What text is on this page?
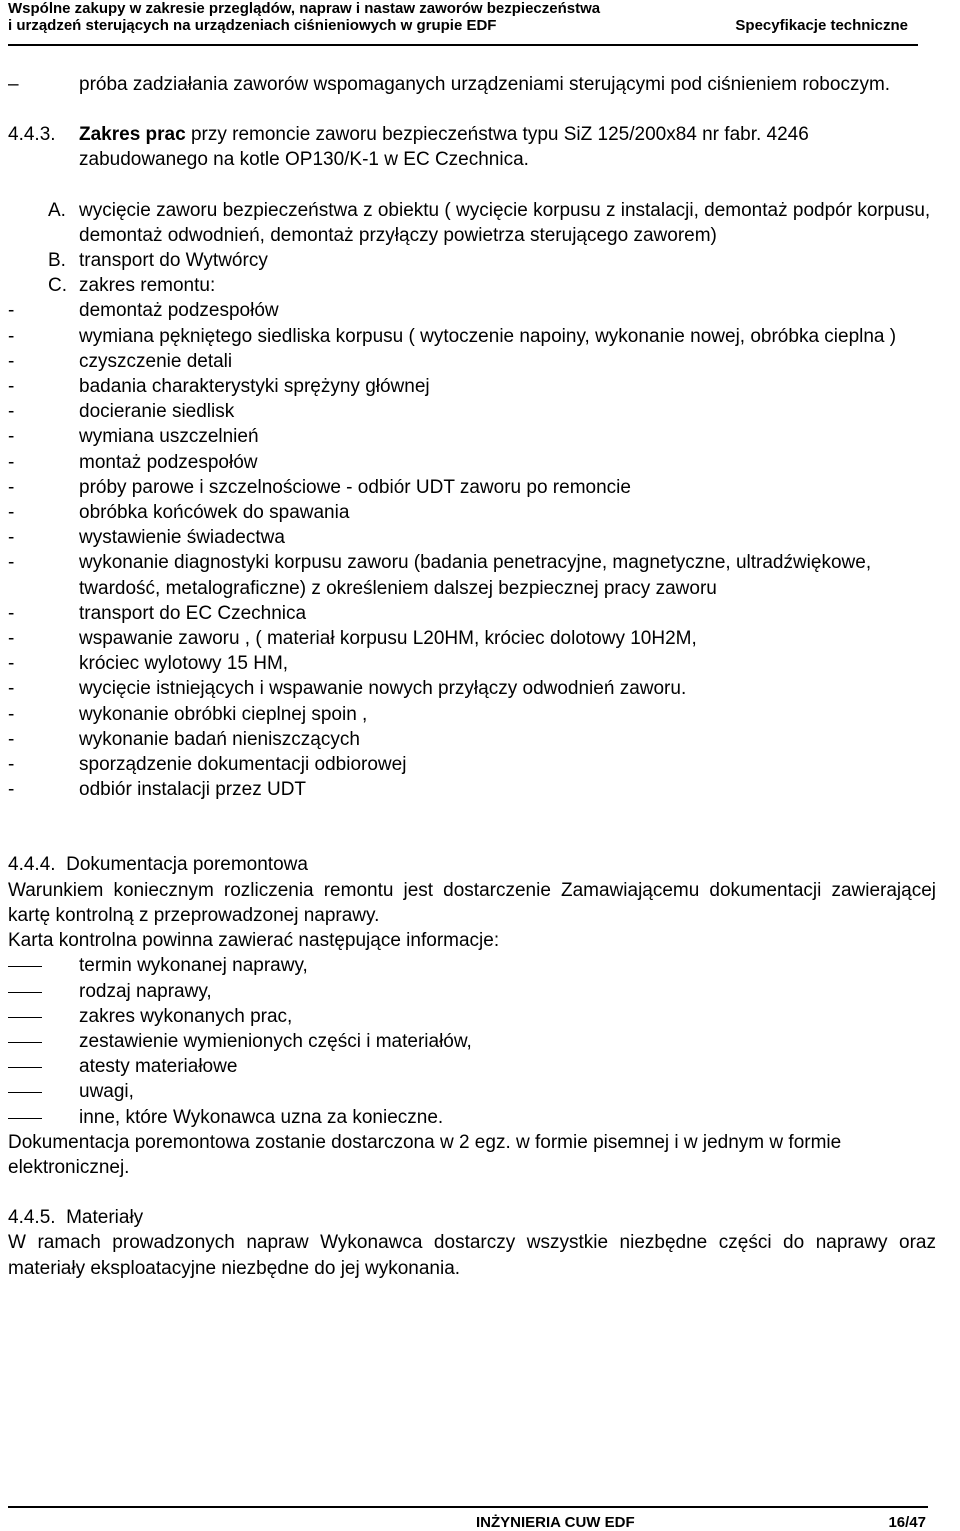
Wspólne zakupy w zakresie przeglądów, napraw i nastaw zaworów bezpieczeństwa
i urządzeń sterujących na urządzeniach ciśnieniowych w grupie EDF	Specyfikacje techniczne
–	próba zadziałania zaworów wspomaganych urządzeniami sterującymi pod ciśnieniem roboczym.
4.4.3.	Zakres prac przy remoncie zaworu bezpieczeństwa typu SiZ 125/200x84 nr fabr. 4246 zabudowanego na kotle OP130/K-1 w EC Czechnica.
A. wycięcie zaworu bezpieczeństwa z obiektu ( wycięcie korpusu z instalacji, demontaż podpór korpusu, demontaż odwodnień, demontaż przyłączy powietrza sterującego zaworem)
B. transport do Wytwórcy
C. zakres remontu:
-	demontaż podzespołów
-	wymiana pękniętego siedliska korpusu ( wytoczenie napoiny, wykonanie nowej, obróbka cieplna )
-	czyszczenie detali
-	badania charakterystyki sprężyny głównej
-	docieranie siedlisk
-	wymiana uszczelnień
-	montaż podzespołów
-	próby parowe i szczelnościowe - odbiór UDT zaworu po remoncie
-	obróbka końcówek do spawania
-	wystawienie świadectwa
-	wykonanie diagnostyki korpusu zaworu (badania penetracyjne, magnetyczne, ultradźwiękowe, twardość, metalograficzne) z określeniem dalszej bezpiecznej pracy zaworu
-	transport do EC Czechnica
-	wspawanie zaworu , ( materiał korpusu L20HM, króciec dolotowy 10H2M,
-	króciec wylotowy 15 HM,
-	wycięcie istniejących i wspawanie nowych przyłączy odwodnień zaworu.
-	wykonanie obróbki cieplnej spoin ,
-	wykonanie badań nieniszczących
-	sporządzenie dokumentacji odbiorowej
-	odbiór instalacji przez UDT
4.4.4.  Dokumentacja poremontowa

Warunkiem koniecznym rozliczenia remontu jest dostarczenie Zamawiającemu dokumentacji zawierającej kartę kontrolną z przeprowadzonej naprawy.

Karta kontrolna powinna zawierać następujące informacje:

termin wykonanej naprawy,
rodzaj naprawy,
zakres wykonanych prac,
zestawienie wymienionych części i materiałów,
atesty materiałowe
uwagi,
inne, które Wykonawca uzna za konieczne.

Dokumentacja poremontowa zostanie dostarczona w 2 egz. w formie pisemnej i w jednym w formie elektronicznej.

4.4.5.  Materiały

W ramach prowadzonych napraw Wykonawca dostarczy wszystkie niezbędne części do naprawy oraz materiały eksploatacyjne niezbędne do jej wykonania.

INŻYNIERIA CUW EDF	16/47
